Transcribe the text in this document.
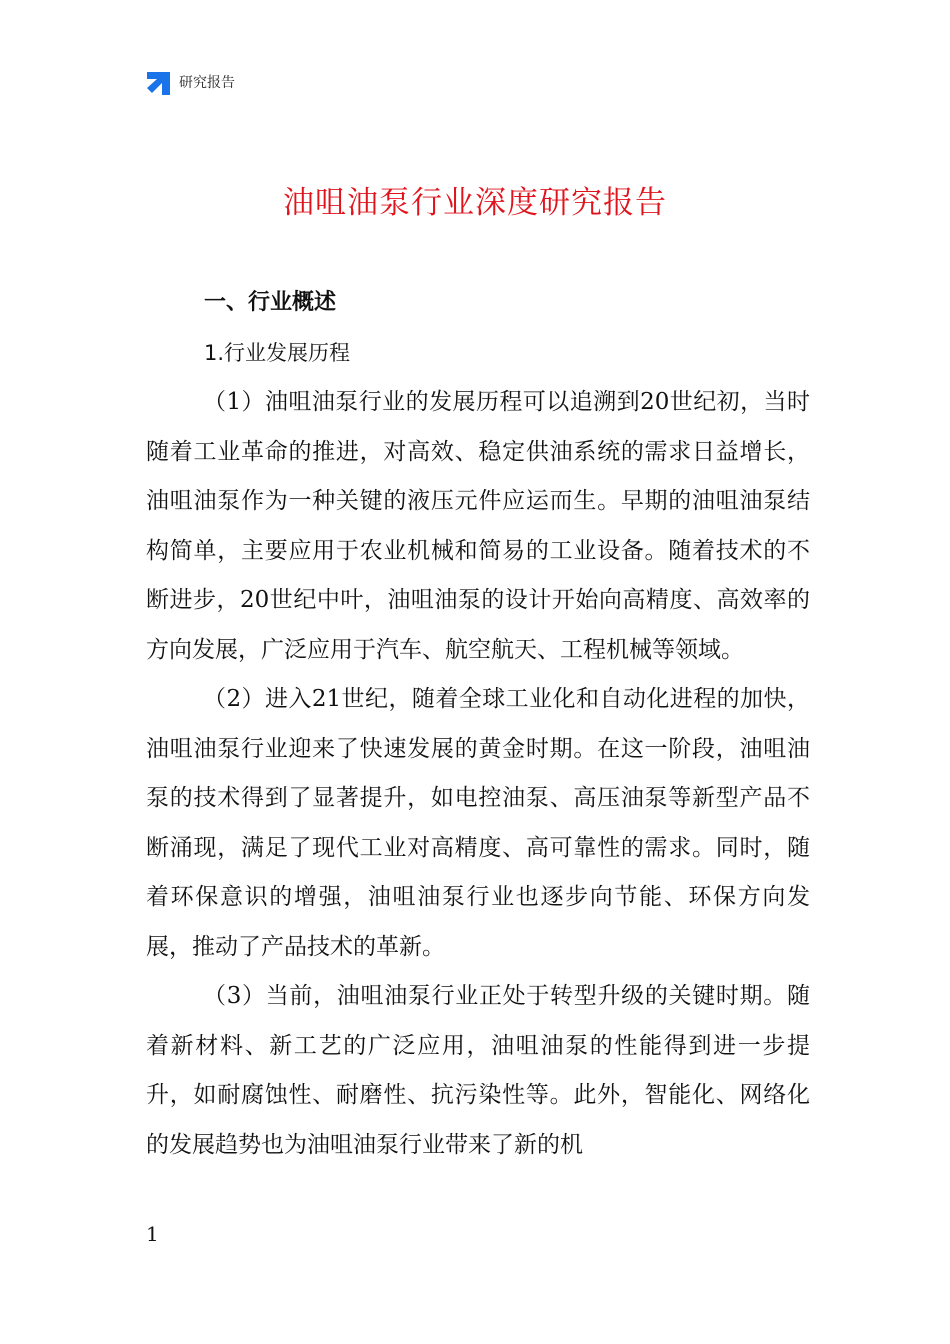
研究报告
油咀油泵行业深度研究报告
一、行业概述
1.行业发展历程

（1）油咀油泵行业的发展历程可以追溯到20世纪初，当时随着工业革命的推进，对高效、稳定供油系统的需求日益增长，油咀油泵作为一种关键的液压元件应运而生。早期的油咀油泵结构简单，主要应用于农业机械和简易的工业设备。随着技术的不断进步，20世纪中叶，油咀油泵的设计开始向高精度、高效率的方向发展，广泛应用于汽车、航空航天、工程机械等领域。

（2）进入21世纪，随着全球工业化和自动化进程的加快，油咀油泵行业迎来了快速发展的黄金时期。在这一阶段，油咀油泵的技术得到了显著提升，如电控油泵、高压油泵等新型产品不断涌现，满足了现代工业对高精度、高可靠性的需求。同时，随着环保意识的增强，油咀油泵行业也逐步向节能、环保方向发展，推动了产品技术的革新。

（3）当前，油咀油泵行业正处于转型升级的关键时期。随着新材料、新工艺的广泛应用，油咀油泵的性能得到进一步提升，如耐腐蚀性、耐磨性、抗污染性等。此外，智能化、网络化的发展趋势也为油咀油泵行业带来了新的机

1
